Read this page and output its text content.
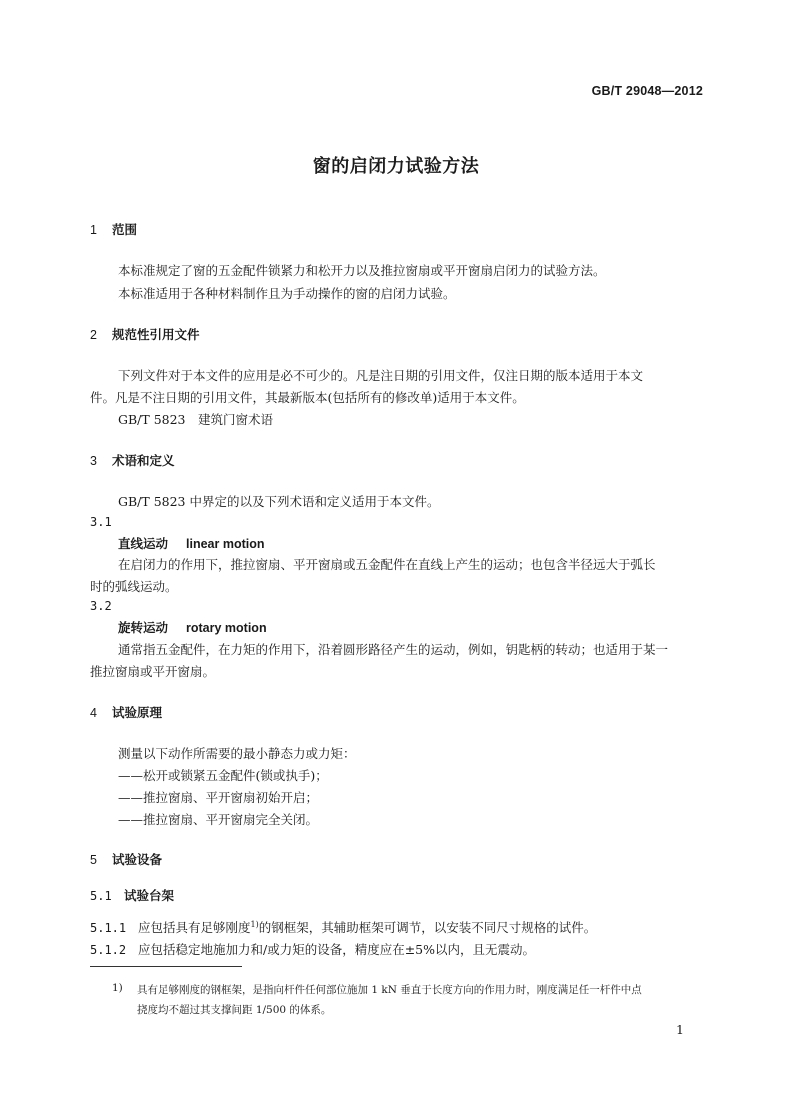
GB/T 29048—2012
窗的启闭力试验方法
1 范围
本标准规定了窗的五金配件锁紧力和松开力以及推拉窗扇或平开窗扇启闭力的试验方法。
本标准适用于各种材料制作且为手动操作的窗的启闭力试验。
2 规范性引用文件
下列文件对于本文件的应用是必不可少的。凡是注日期的引用文件，仅注日期的版本适用于本文
件。凡是不注日期的引用文件，其最新版本(包括所有的修改单)适用于本文件。
GB/T 5823　建筑门窗术语
3 术语和定义
GB/T 5823 中界定的以及下列术语和定义适用于本文件。
3.1
直线运动 linear motion
在启闭力的作用下，推拉窗扇、平开窗扇或五金配件在直线上产生的运动；也包含半径远大于弧长
时的弧线运动。
3.2
旋转运动 rotary motion
通常指五金配件，在力矩的作用下，沿着圆形路径产生的运动，例如，钥匙柄的转动；也适用于某一
推拉窗扇或平开窗扇。
4 试验原理
测量以下动作所需要的最小静态力或力矩：
——松开或锁紧五金配件(锁或执手)；
——推拉窗扇、平开窗扇初始开启；
——推拉窗扇、平开窗扇完全关闭。
5 试验设备
5.1 试验台架
5.1.1 应包括具有足够刚度$^{1)}$的钢框架，其辅助框架可调节，以安装不同尺寸规格的试件。
5.1.2 应包括稳定地施加力和/或力矩的设备，精度应在±5%以内，且无震动。
1) 具有足够刚度的钢框架，是指向杆件任何部位施加 1 kN 垂直于长度方向的作用力时，刚度满足任一杆件中点
挠度均不超过其支撑间距 1/500 的体系。
1
